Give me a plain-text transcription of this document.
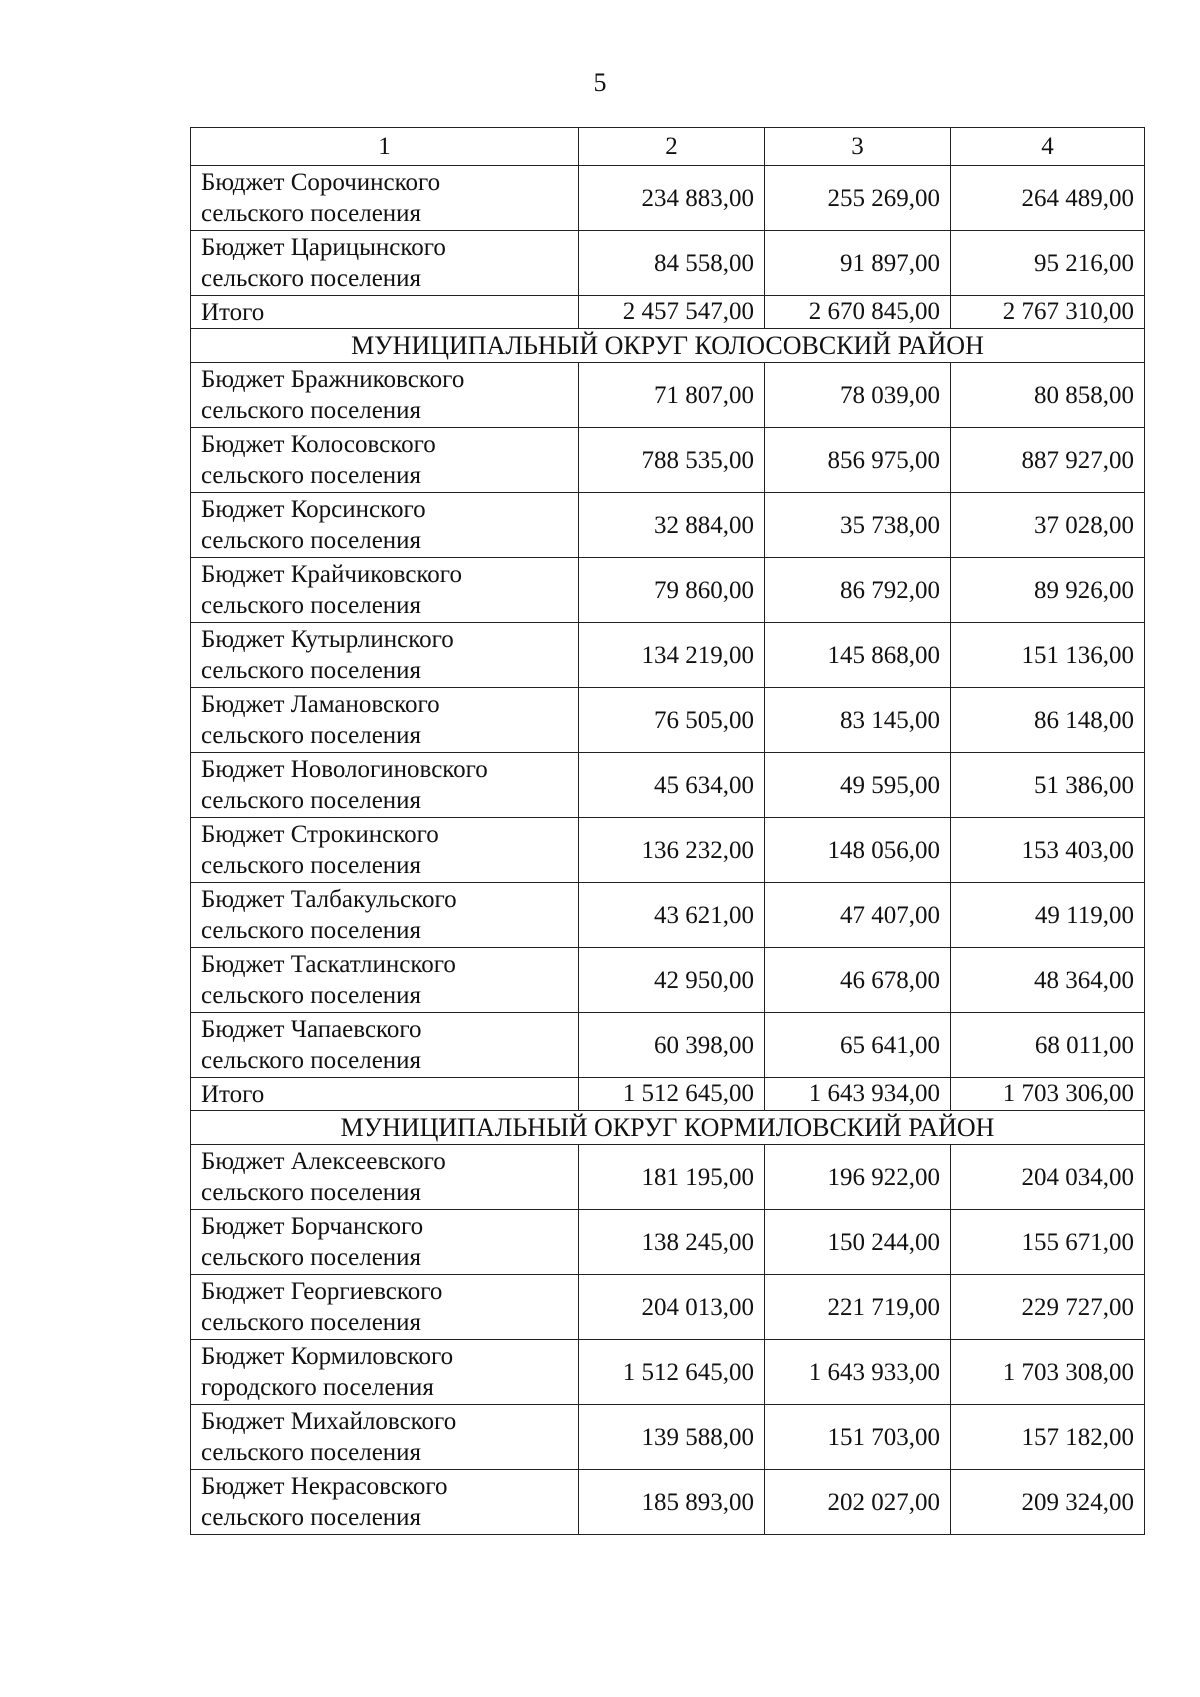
5
1	2	3	4

Бюджет Сорочинского
сельского поселения	234 883,00	255 269,00	264 489,00

Бюджет Царицынского
сельского поселения	84 558,00	91 897,00	95 216,00
Итого	2 457 547,00	2 670 845,00	2 767 310,00
МУНИЦИПАЛЬНЫЙ ОКРУГ КОЛОСОВСКИЙ РАЙОН			

Бюджет Бражниковского
сельского поселения	71 807,00	78 039,00	80 858,00

Бюджет Колосовского
сельского поселения	788 535,00	856 975,00	887 927,00

Бюджет Корсинского
сельского поселения	32 884,00	35 738,00	37 028,00

Бюджет Крайчиковского
сельского поселения	79 860,00	86 792,00	89 926,00

Бюджет Кутырлинского
сельского поселения	134 219,00	145 868,00	151 136,00

Бюджет Ламановского
сельского поселения	76 505,00	83 145,00	86 148,00

Бюджет Новологиновского
сельского поселения	45 634,00	49 595,00	51 386,00

Бюджет Строкинского
сельского поселения	136 232,00	148 056,00	153 403,00

Бюджет Талбакульского
сельского поселения	43 621,00	47 407,00	49 119,00

Бюджет Таскатлинского
сельского поселения	42 950,00	46 678,00	48 364,00

Бюджет Чапаевского
сельского поселения	60 398,00	65 641,00	68 011,00
Итого	1 512 645,00	1 643 934,00	1 703 306,00
МУНИЦИПАЛЬНЫЙ ОКРУГ КОРМИЛОВСКИЙ РАЙОН			

Бюджет Алексеевского
сельского поселения	181 195,00	196 922,00	204 034,00

Бюджет Борчанского
сельского поселения	138 245,00	150 244,00	155 671,00

Бюджет Георгиевского
сельского поселения	204 013,00	221 719,00	229 727,00

Бюджет Кормиловского
городского поселения	1 512 645,00	1 643 933,00	1 703 308,00

Бюджет Михайловского
сельского поселения	139 588,00	151 703,00	157 182,00

Бюджет Некрасовского
сельского поселения	185 893,00	202 027,00	209 324,00
